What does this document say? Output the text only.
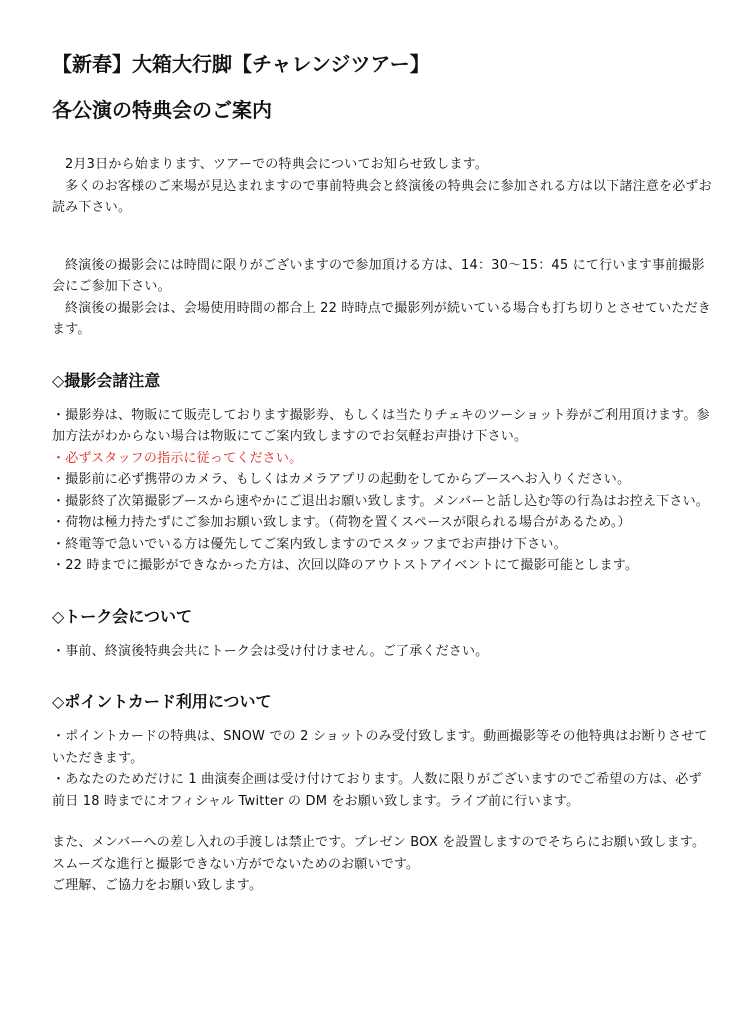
【新春】大箱大行脚【チャレンジツアー】
各公演の特典会のご案内

2月3日から始まります、ツアーでの特典会についてお知らせ致します。

多くのお客様のご来場が見込まれますので事前特典会と終演後の特典会に参加される方は以下諸注意を必ずお読み下さい。

終演後の撮影会には時間に限りがございますので参加頂ける方は、14：30〜15：45 にて行います事前撮影会にご参加下さい。

終演後の撮影会は、会場使用時間の都合上 22 時時点で撮影列が続いている場合も打ち切りとさせていただきます。

◇撮影会諸注意

・撮影券は、物販にて販売しております撮影券、もしくは当たりチェキのツーショット券がご利用頂けます。参加方法がわからない場合は物販にてご案内致しますのでお気軽お声掛け下さい。

・必ずスタッフの指示に従ってください。

・撮影前に必ず携帯のカメラ、もしくはカメラアプリの起動をしてからブースへお入りください。

・撮影終了次第撮影ブースから速やかにご退出お願い致します。メンバーと話し込む等の行為はお控え下さい。

・荷物は極力持たずにご参加お願い致します。（荷物を置くスペースが限られる場合があるため。）

・終電等で急いでいる方は優先してご案内致しますのでスタッフまでお声掛け下さい。

・22 時までに撮影ができなかった方は、次回以降のアウトストアイベントにて撮影可能とします。

◇トーク会について

・事前、終演後特典会共にトーク会は受け付けません。ご了承ください。

◇ポイントカード利用について

・ポイントカードの特典は、SNOW での 2 ショットのみ受付致します。動画撮影等その他特典はお断りさせていただきます。

・あなたのためだけに 1 曲演奏企画は受け付けております。人数に限りがございますのでご希望の方は、必ず前日 18 時までにオフィシャル Twitter の DM をお願い致します。ライブ前に行います。

また、メンバーへの差し入れの手渡しは禁止です。プレゼン BOX を設置しますのでそちらにお願い致します。

スムーズな進行と撮影できない方がでないためのお願いです。

ご理解、ご協力をお願い致します。
